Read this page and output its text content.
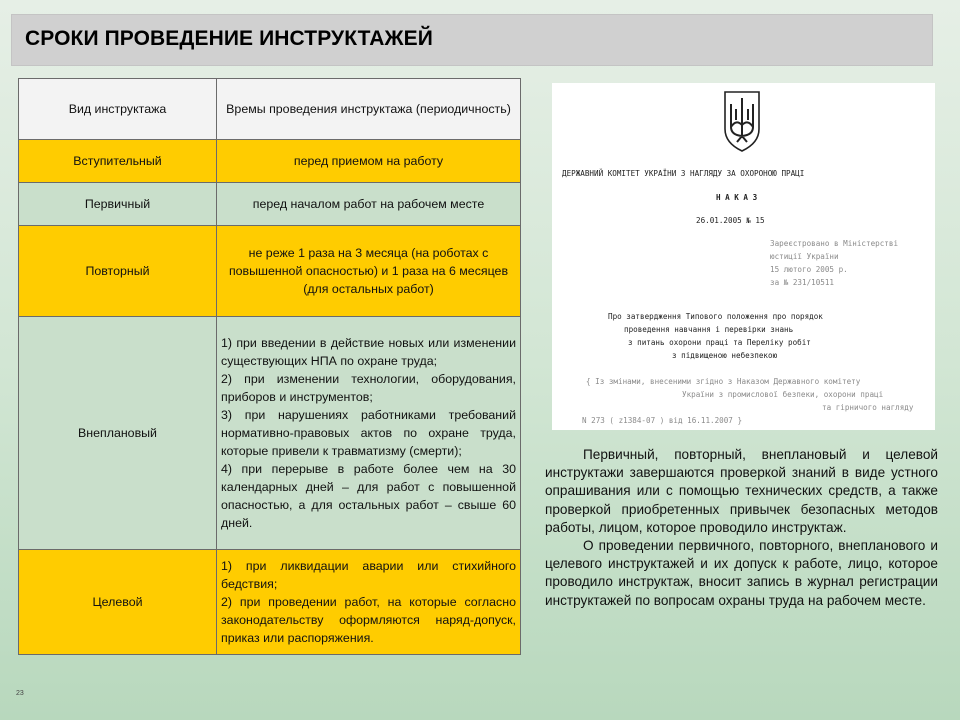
СРОКИ ПРОВЕДЕНИЕ ИНСТРУКТАЖЕЙ
Вид инструктажа	Времы проведения инструктажа (периодичность)
Вступительный	перед приемом на работу
Первичный	перед началом работ на рабочем месте
Повторный	не реже 1 раза на 3 месяца (на роботах с повышенной опасностью) и 1 раза на 6 месяцев (для остальных работ)
Внеплановый	1) при введении в действие новых или изменении существующих НПА по охране труда;
2) при изменении технологии, оборудования, приборов и инструментов;
3) при нарушениях работниками требований нормативно-правовых актов по охране труда, которые привели к травматизму (смерти);
4) при перерыве в работе более чем на 30 календарных дней – для работ с повышенной опасностью, а для остальных работ – свыше 60 дней.

Целевой	1) при ликвидации аварии или стихийного бедствия;
2) при проведении работ, на которые согласно законодательству оформляются наряд-допуск, приказ или распоряжения.
ДЕРЖАВНИЙ КОМІТЕТ УКРАЇНИ З НАГЛЯДУ ЗА ОХОРОНОЮ ПРАЦІ
Н А К А З
26.01.2005 № 15
Зареєстровано в Міністерстві
юстиції України
15 лютого 2005 р.
за № 231/10511
Про затвердження Типового положення про порядок
проведення навчання і перевірки знань
з питань охорони праці та Переліку робіт
з підвищеною небезпекою
{ Із змінами, внесеними згідно з Наказом Державного комітету
України з промислової безпеки, охорони праці
та гірничого нагляду
N 273 ( z1384-07 ) від 16.11.2007 }

Первичный, повторный, внеплановый и целевой инструктажи завершаются проверкой знаний в виде устного опрашивания или с помощью технических средств, а также проверкой приобретенных привычек безопасных методов работы, лицом, которое проводило инструктаж.

О проведении первичного, повторного, внепланового и целевого инструктажей и их допуск к работе, лицо, которое проводило инструктаж, вносит запись в журнал регистрации инструктажей по вопросам охраны труда на рабочем месте.

23
